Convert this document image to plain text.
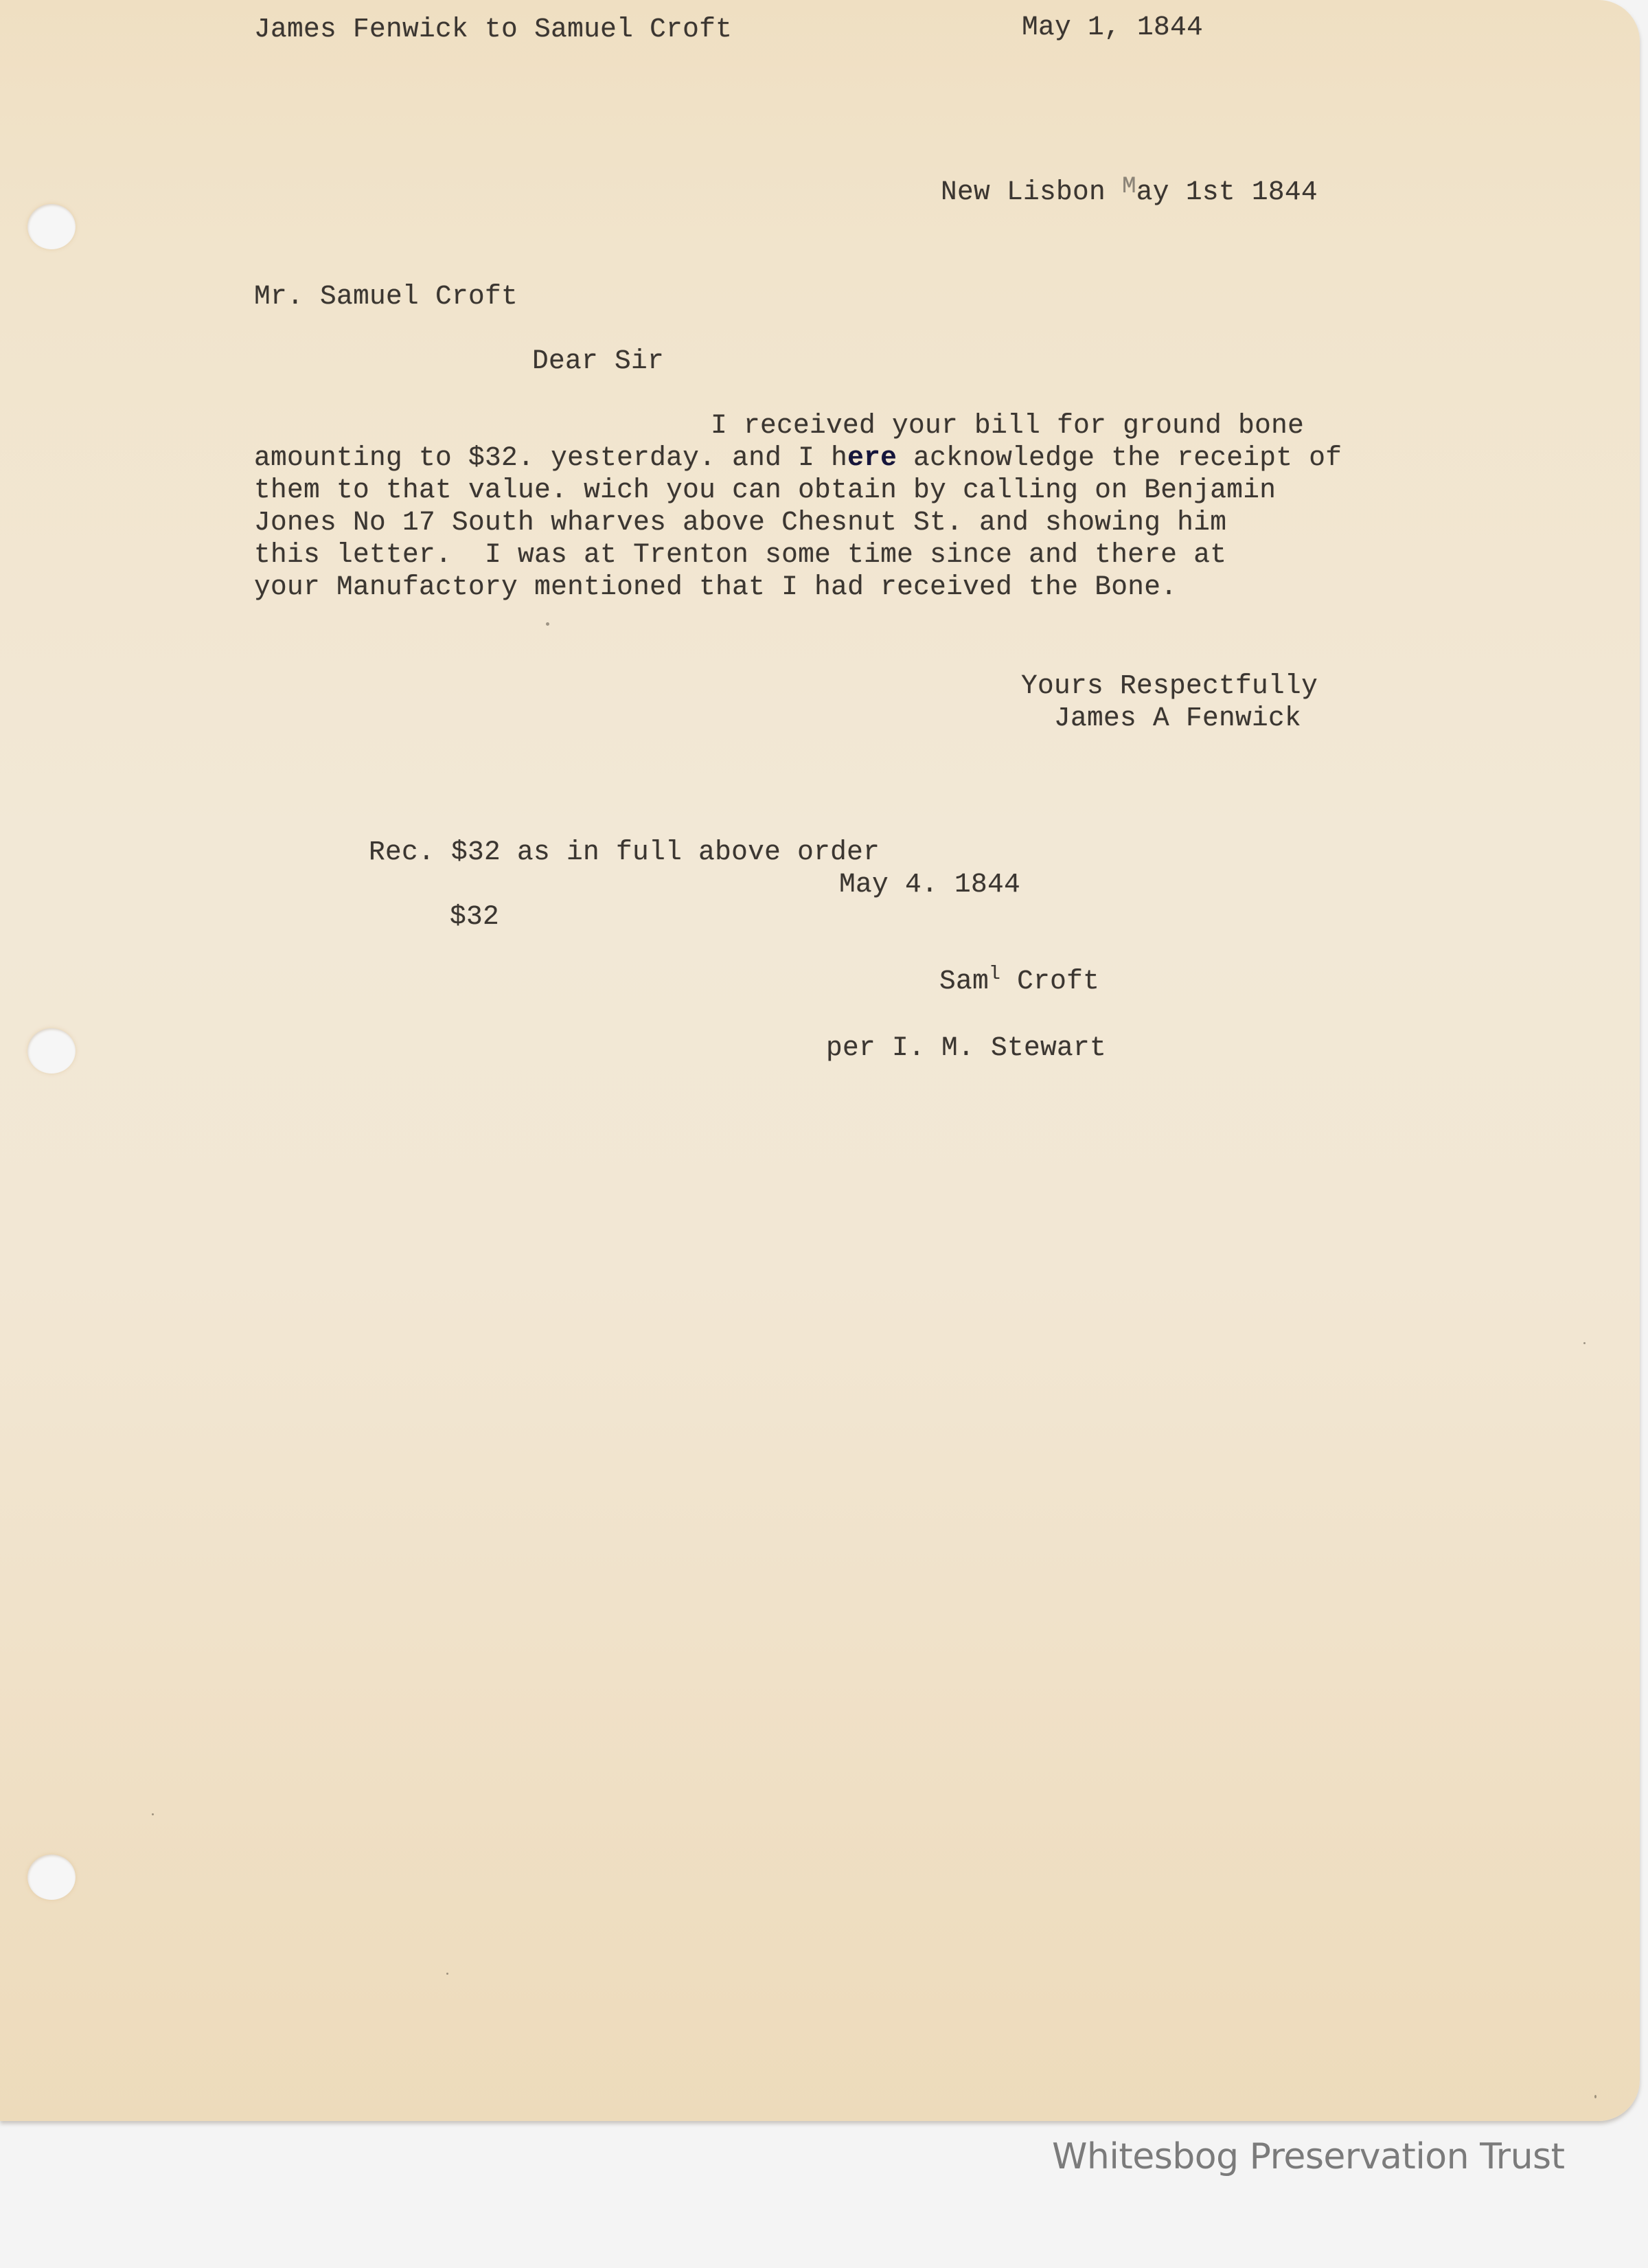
James Fenwick to Samuel Croft	May 1, 1844
New Lisbon May 1st 1844
Mr. Samuel Croft
Dear Sir
I received your bill for ground bone
amounting to $32. yesterday. and I here acknowledge the receipt of
them to that value. wich you can obtain by calling on Benjamin
Jones No 17 South wharves above Chesnut St. and showing him
this letter.  I was at Trenton some time since and there at
your Manufactory mentioned that I had received the Bone.
Yours Respectfully
James A Fenwick
Rec. $32 as in full above order
May 4. 1844
$32
Sam$^l$ Croft
per I. M. Stewart
Whitesbog Preservation Trust
